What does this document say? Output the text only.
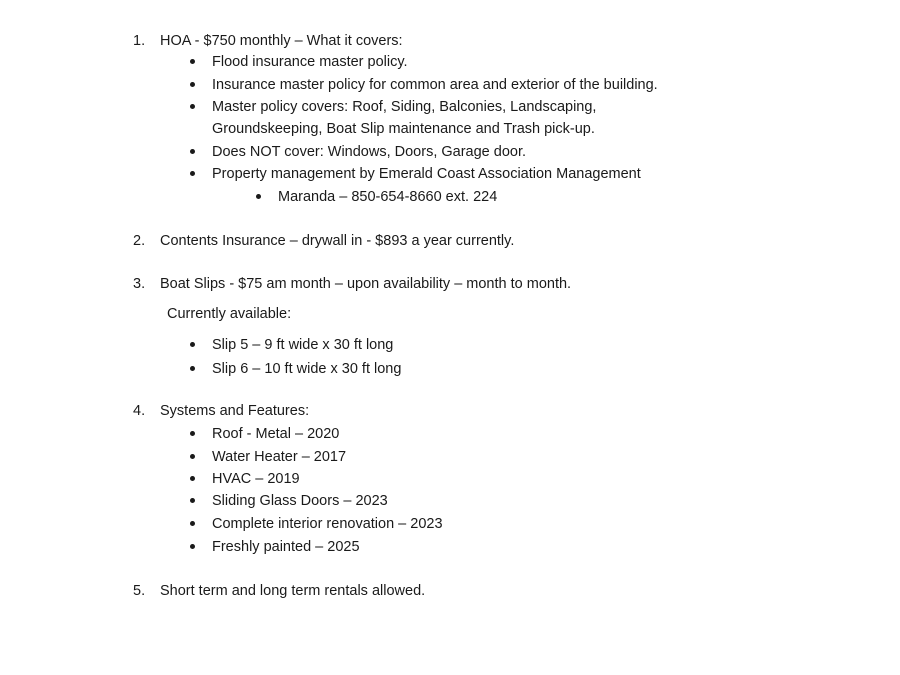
1. HOA - $750 monthly – What it covers:
Flood insurance master policy.
Insurance master policy for common area and exterior of the building.
Master policy covers: Roof, Siding, Balconies, Landscaping,
Groundskeeping, Boat Slip maintenance and Trash pick-up.
Does NOT cover: Windows, Doors, Garage door.
Property management by Emerald Coast Association Management
Maranda – 850-654-8660 ext. 224
2. Contents Insurance – drywall in - $893 a year currently.
3. Boat Slips - $75 am month – upon availability – month to month.
Currently available:
Slip 5 – 9 ft wide x 30 ft long
Slip 6 – 10 ft wide x 30 ft long
4. Systems and Features:
Roof - Metal – 2020
Water Heater – 2017
HVAC – 2019
Sliding Glass Doors – 2023
Complete interior renovation – 2023
Freshly painted – 2025
5. Short term and long term rentals allowed.
